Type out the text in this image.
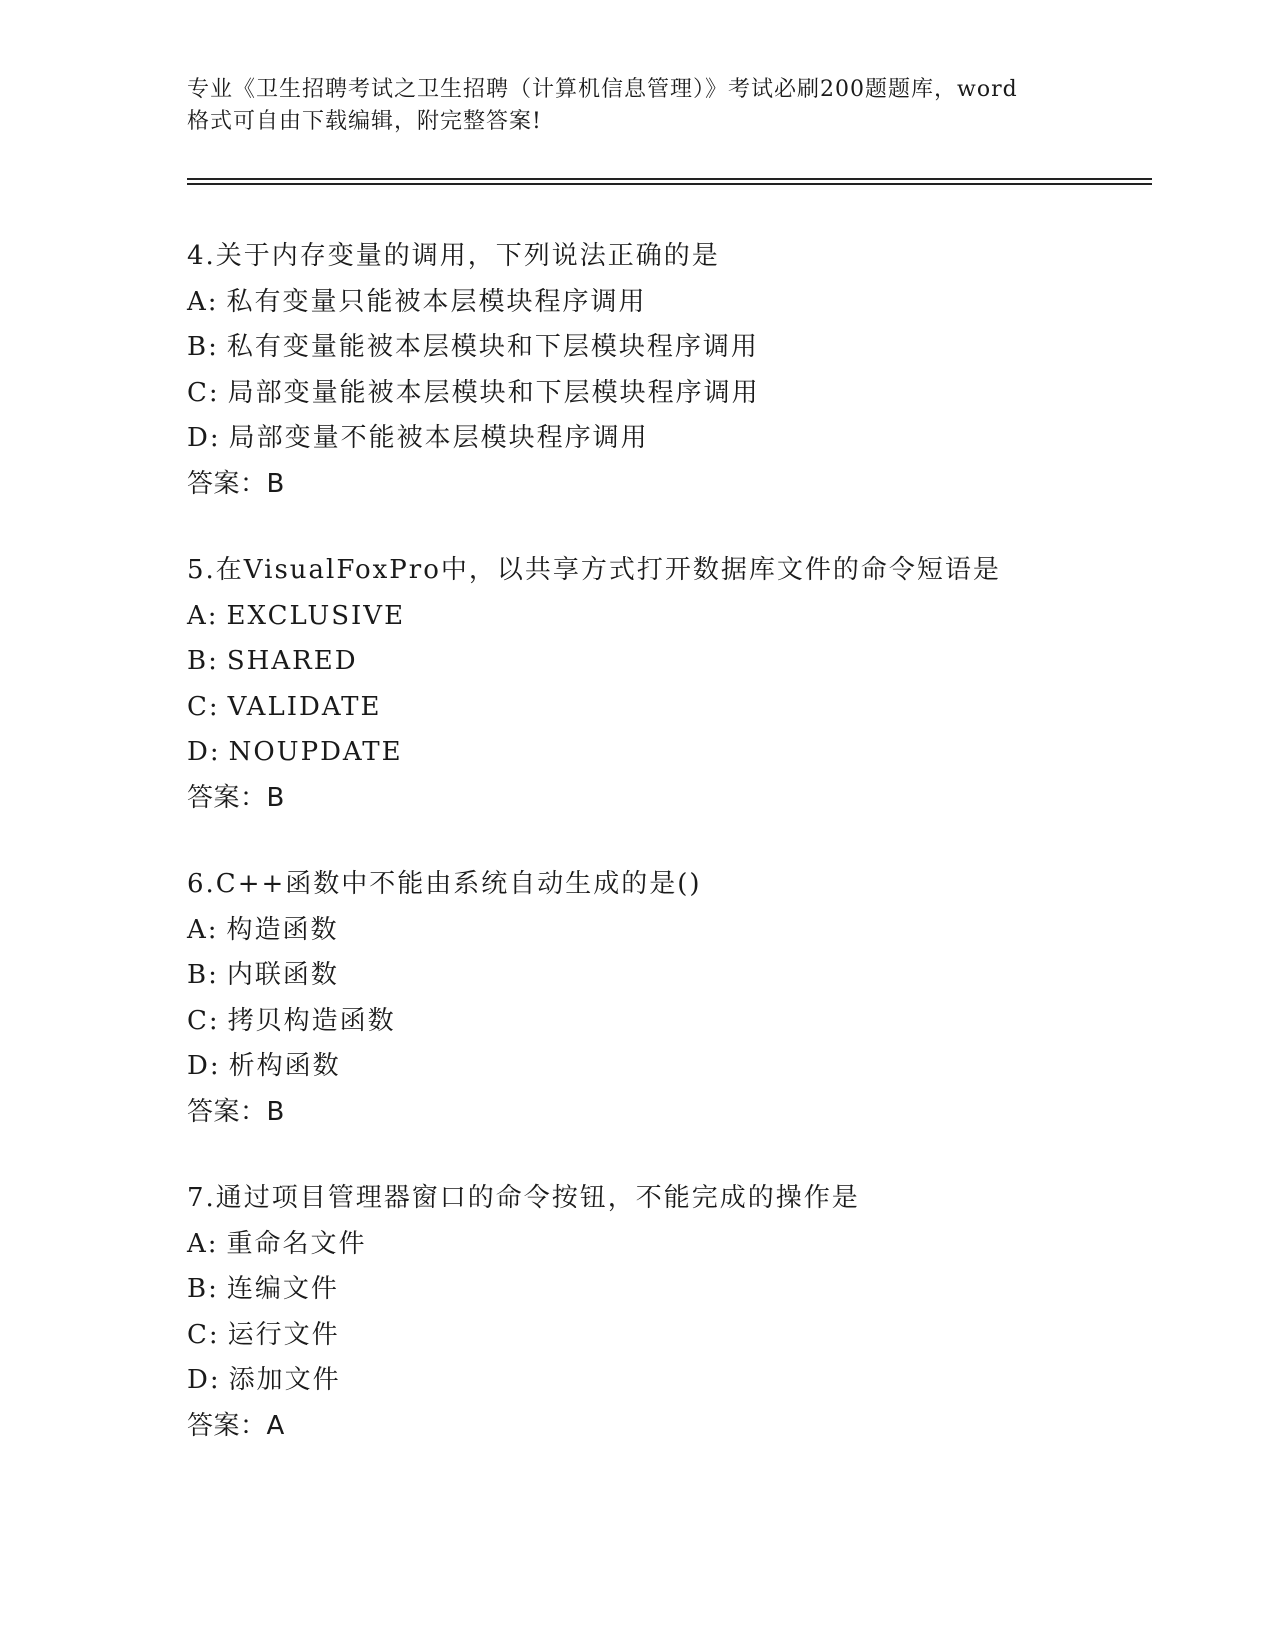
专业《卫生招聘考试之卫生招聘（计算机信息管理）》考试必刷200题题库，word
格式可自由下载编辑，附完整答案!
4.关于内存变量的调用，下列说法正确的是
A: 私有变量只能被本层模块程序调用
B: 私有变量能被本层模块和下层模块程序调用
C: 局部变量能被本层模块和下层模块程序调用
D: 局部变量不能被本层模块程序调用
答案：B
5.在VisualFoxPro中，以共享方式打开数据库文件的命令短语是
A: EXCLUSIVE
B: SHARED
C: VALIDATE
D: NOUPDATE
答案：B
6.C++函数中不能由系统自动生成的是()
A: 构造函数
B: 内联函数
C: 拷贝构造函数
D: 析构函数
答案：B
7.通过项目管理器窗口的命令按钮，不能完成的操作是
A: 重命名文件
B: 连编文件
C: 运行文件
D: 添加文件
答案：A
